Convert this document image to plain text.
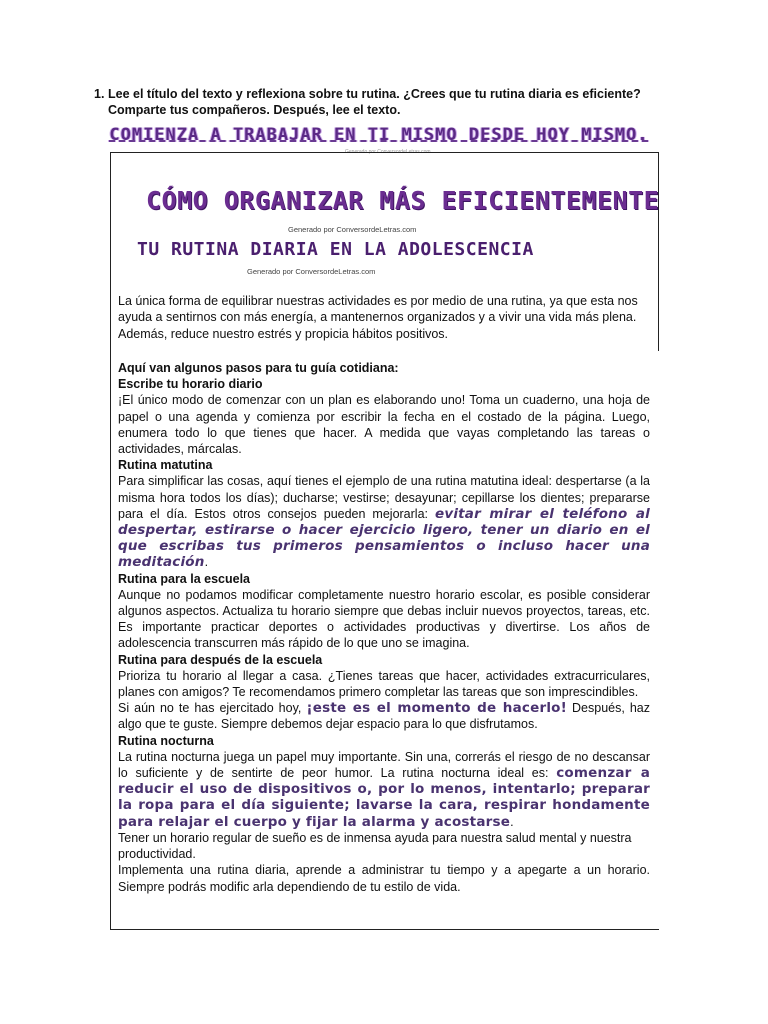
1. Lee el título del texto y reflexiona sobre tu rutina. ¿Crees que tu rutina diaria es eficiente? Comparte tus compañeros. Después, lee el texto.
COMIENZA A TRABAJAR EN TI MISMO DESDE HOY MISMO.
Generado por ConversordeLetras.com
CÓMO ORGANIZAR MÁS EFICIENTEMENTE
Generado por ConversordeLetras.com
TU RUTINA DIARIA EN LA ADOLESCENCIA
Generado por ConversordeLetras.com
La única forma de equilibrar nuestras actividades es por medio de una rutina, ya que esta nos ayuda a sentirnos con más energía, a mantenernos organizados y a vivir una vida más plena. Además, reduce nuestro estrés y propicia hábitos positivos.

Aquí van algunos pasos para tu guía cotidiana:

Escribe tu horario diario

¡El único modo de comenzar con un plan es elaborando uno! Toma un cuaderno, una hoja de papel o una agenda y comienza por escribir la fecha en el costado de la página. Luego, enumera todo lo que tienes que hacer. A medida que vayas completando las tareas o actividades, márcalas.

Rutina matutina

Para simplificar las cosas, aquí tienes el ejemplo de una rutina matutina ideal: despertarse (a la misma hora todos los días); ducharse; vestirse; desayunar; cepillarse los dientes; prepararse para el día. Estos otros consejos pueden mejorarla: evitar mirar el teléfono al despertar, estirarse o hacer ejercicio ligero, tener un diario en el que escribas tus primeros pensamientos o incluso hacer una meditación.

Rutina para la escuela

Aunque no podamos modificar completamente nuestro horario escolar, es posible considerar algunos aspectos. Actualiza tu horario siempre que debas incluir nuevos proyectos, tareas, etc. Es importante practicar deportes o actividades productivas y divertirse. Los años de adolescencia transcurren más rápido de lo que uno se imagina.

Rutina para después de la escuela

Prioriza tu horario al llegar a casa. ¿Tienes tareas que hacer, actividades extracurriculares, planes con amigos? Te recomendamos primero completar las tareas que son imprescindibles.

Si aún no te has ejercitado hoy, ¡este es el momento de hacerlo! Después, haz algo que te guste. Siempre debemos dejar espacio para lo que disfrutamos.

Rutina nocturna

La rutina nocturna juega un papel muy importante. Sin una, correrás el riesgo de no descansar lo suficiente y de sentirte de peor humor. La rutina nocturna ideal es: comenzar a reducir el uso de dispositivos o, por lo menos, intentarlo; preparar la ropa para el día siguiente; lavarse la cara, respirar hondamente para relajar el cuerpo y fijar la alarma y acostarse.

Tener un horario regular de sueño es de inmensa ayuda para nuestra salud mental y nuestra productividad.

Implementa una rutina diaria, aprende a administrar tu tiempo y a apegarte a un horario. Siempre podrás modific arla dependiendo de tu estilo de vida.
